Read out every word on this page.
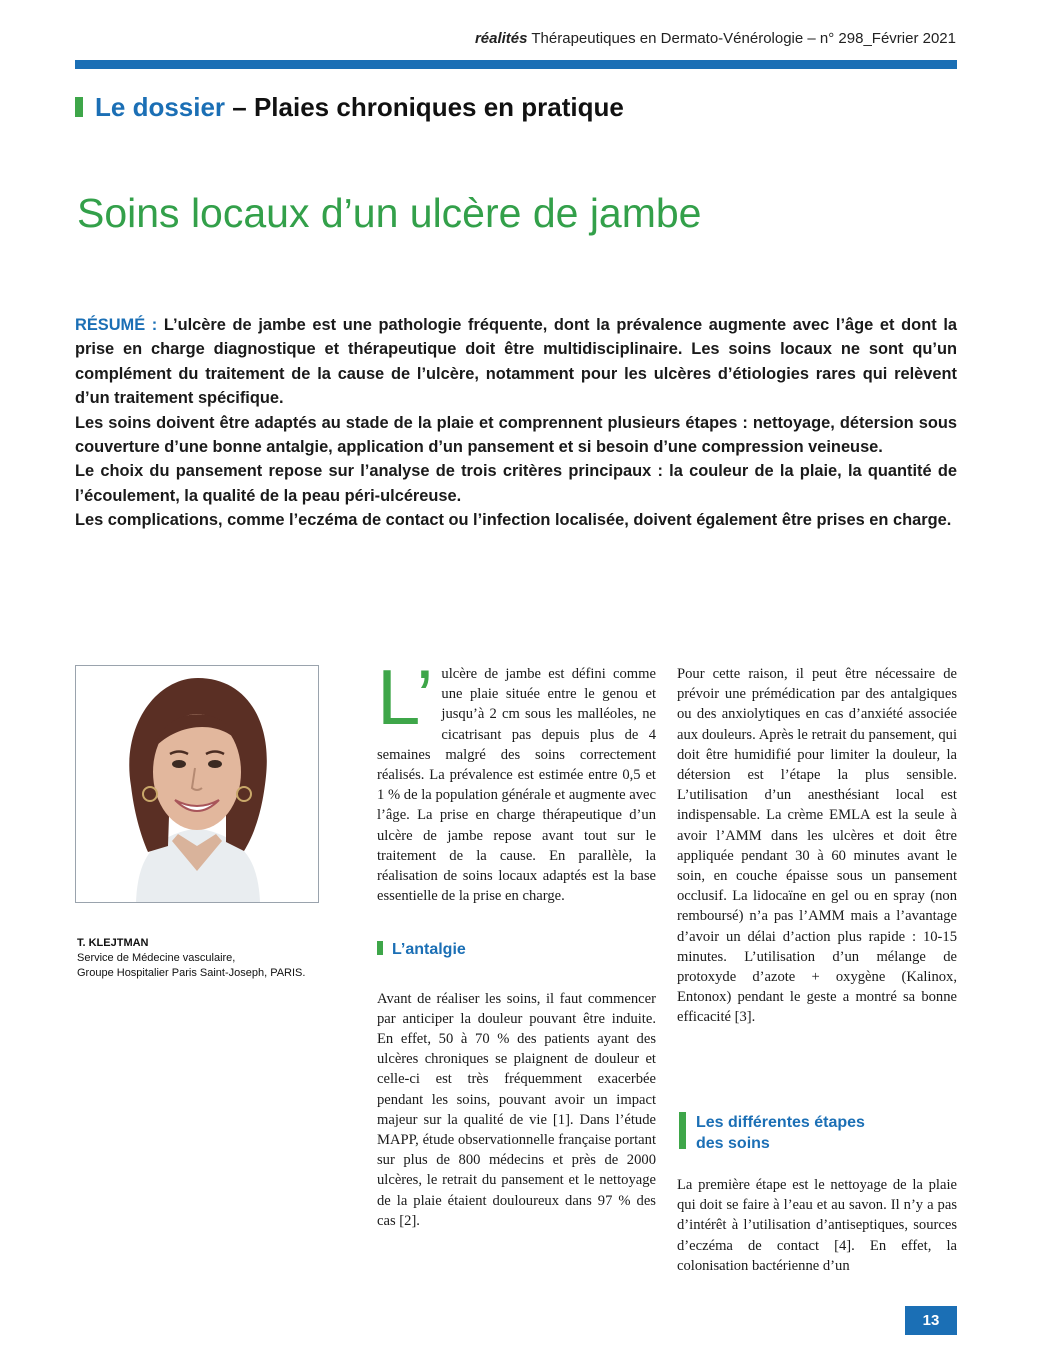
réalités Thérapeutiques en Dermato-Vénérologie – n° 298_Février 2021
Le dossier – Plaies chroniques en pratique
Soins locaux d’un ulcère de jambe

RÉSUMÉ : L’ulcère de jambe est une pathologie fréquente, dont la prévalence augmente avec l’âge et dont la prise en charge diagnostique et thérapeutique doit être multidisciplinaire. Les soins locaux ne sont qu’un complément du traitement de la cause de l’ulcère, notamment pour les ulcères d’étiologies rares qui relèvent d’un traitement spécifique.

Les soins doivent être adaptés au stade de la plaie et comprennent plusieurs étapes : nettoyage, détersion sous couverture d’une bonne antalgie, application d’un pansement et si besoin d’une compression veineuse.

Le choix du pansement repose sur l’analyse de trois critères principaux : la couleur de la plaie, la quantité de l’écoulement, la qualité de la peau péri-ulcéreuse.

Les complications, comme l’eczéma de contact ou l’infection localisée, doivent également être prises en charge.

T. KLEJTMAN
Service de Médecine vasculaire,
Groupe Hospitalier Paris Saint-Joseph, PARIS.
L’ ulcère de jambe est défini comme une plaie située entre le genou et jusqu’à 2 cm sous les malléoles, ne cicatrisant pas depuis plus de 4 semaines malgré des soins correctement réalisés. La prévalence est estimée entre 0,5 et 1 % de la population générale et augmente avec l’âge. La prise en charge thérapeutique d’un ulcère de jambe repose avant tout sur le traitement de la cause. En parallèle, la réalisation de soins locaux adaptés est la base essentielle de la prise en charge.

L’antalgie

Avant de réaliser les soins, il faut commencer par anticiper la douleur pouvant être induite. En effet, 50 à 70 % des patients ayant des ulcères chroniques se plaignent de douleur et celle-ci est très fréquemment exacerbée pendant les soins, pouvant avoir un impact majeur sur la qualité de vie [1]. Dans l’étude MAPP, étude observationnelle française portant sur plus de 800 médecins et près de 2000 ulcères, le retrait du pansement et le nettoyage de la plaie étaient douloureux dans 97 % des cas [2].

Pour cette raison, il peut être nécessaire de prévoir une prémédication par des antalgiques ou des anxiolytiques en cas d’anxiété associée aux douleurs. Après le retrait du pansement, qui doit être humidifié pour limiter la douleur, la détersion est l’étape la plus sensible. L’utilisation d’un anesthésiant local est indispensable. La crème EMLA est la seule à avoir l’AMM dans les ulcères et doit être appliquée pendant 30 à 60 minutes avant le soin, en couche épaisse sous un pansement occlusif. La lidocaïne en gel ou en spray (non remboursé) n’a pas l’AMM mais a l’avantage d’avoir un délai d’action plus rapide : 10-15 minutes. L’utilisation d’un mélange de protoxyde d’azote + oxygène (Kalinox, Entonox) pendant le geste a montré sa bonne efficacité [3].

Les différentes étapes des soins

La première étape est le nettoyage de la plaie qui doit se faire à l’eau et au savon. Il n’y a pas d’intérêt à l’utilisation d’antiseptiques, sources d’eczéma de contact [4]. En effet, la colonisation bactérienne d’un

13
